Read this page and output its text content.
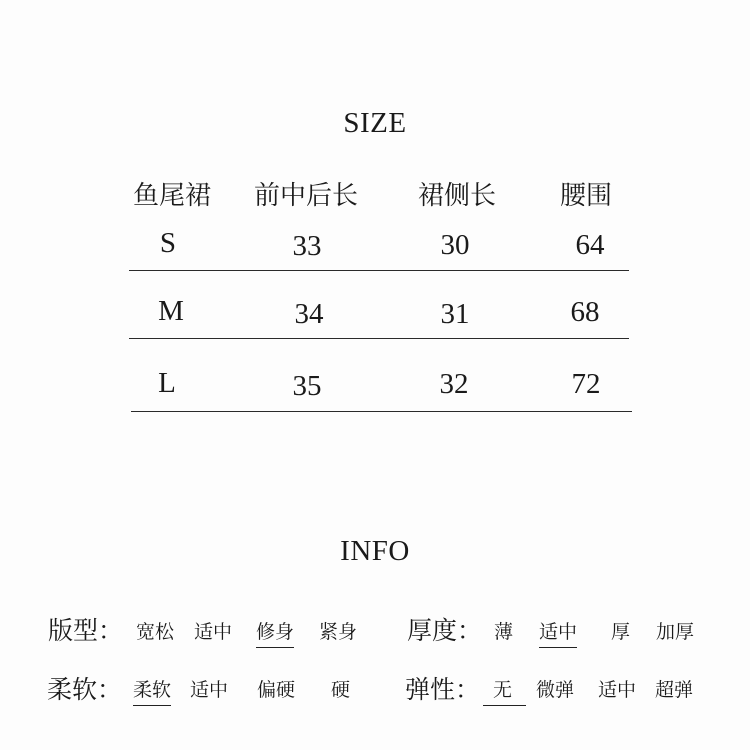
SIZE
鱼尾裙 前中后长 裙侧长 腰围
S	33	30	64
M	34	31	68
L	35	32	72
INFO
版型： 宽松 适中 修身 紧身 厚度： 薄 适中 厚 加厚
柔软： 柔软 适中 偏硬 硬 弹性： 无	微弹 适中 超弹
